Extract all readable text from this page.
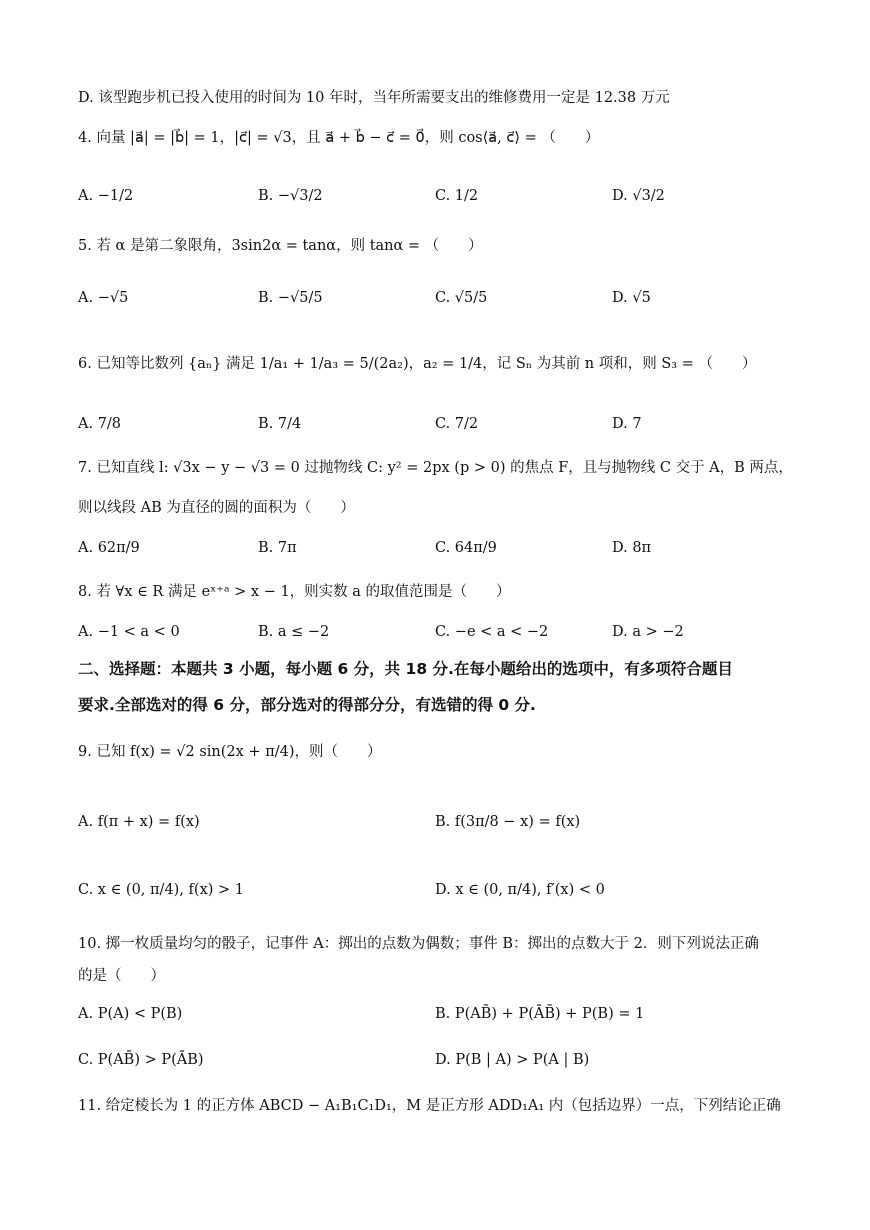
D. 该型跑步机已投入使用的时间为 10 年时，当年所需要支出的维修费用一定是 12.38 万元
4. 向量 |a⃗| = |b⃗| = 1，|c⃗| = √3，且 a⃗ + b⃗ − c⃗ = 0⃗，则 cos⟨a⃗, c⃗⟩ = （　　）
A. −1/2	B. −√3/2	C. 1/2	D. √3/2
5. 若 α 是第二象限角，3sin2α = tanα，则 tanα = （　　）
A. −√5	B. −√5/5	C. √5/5	D. √5
6. 已知等比数列 {aₙ} 满足 1/a₁ + 1/a₃ = 5/(2a₂)，a₂ = 1/4，记 Sₙ 为其前 n 项和，则 S₃ = （　　）
A. 7/8	B. 7/4	C. 7/2	D. 7
7. 已知直线 l: √3x − y − √3 = 0 过抛物线 C: y² = 2px (p > 0) 的焦点 F，且与抛物线 C 交于 A，B 两点，
则以线段 AB 为直径的圆的面积为（　　）
A. 62π/9	B. 7π	C. 64π/9	D. 8π
8. 若 ∀x ∈ R 满足 eˣ⁺ᵃ > x − 1，则实数 a 的取值范围是（　　）
A. −1 < a < 0	B. a ≤ −2	C. −e < a < −2	D. a > −2
二、选择题：本题共 3 小题，每小题 6 分，共 18 分.在每小题给出的选项中，有多项符合题目
要求.全部选对的得 6 分，部分选对的得部分分，有选错的得 0 分.
9. 已知 f(x) = √2 sin(2x + π/4)，则（　　）
A. f(π + x) = f(x)	B. f(3π/8 − x) = f(x)
C. x ∈ (0, π/4), f(x) > 1	D. x ∈ (0, π/4), f′(x) < 0
10. 掷一枚质量均匀的骰子，记事件 A：掷出的点数为偶数；事件 B：掷出的点数大于 2．则下列说法正确
的是（　　）
A. P(A) < P(B)	B. P(AB̄) + P(ĀB̄) + P(B) = 1
C. P(AB̄) > P(ĀB)	D. P(B | A) > P(A | B)
11. 给定棱长为 1 的正方体 ABCD − A₁B₁C₁D₁，M 是正方形 ADD₁A₁ 内（包括边界）一点，下列结论正确
